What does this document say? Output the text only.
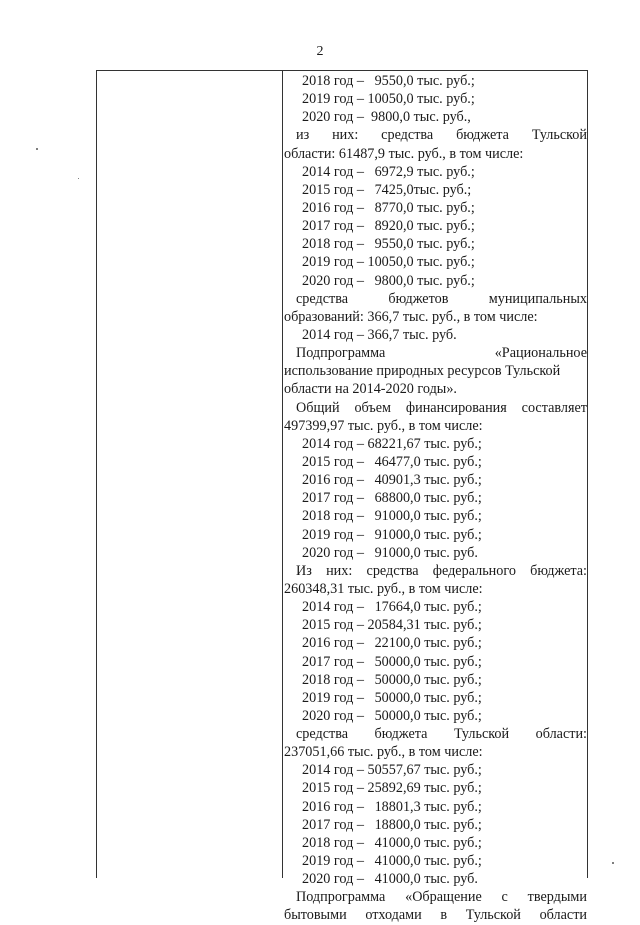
2
2018 год –   9550,0 тыс. руб.;
2019 год – 10050,0 тыс. руб.;
2020 год –  9800,0 тыс. руб.,
из них: средства бюджета Тульской
области: 61487,9 тыс. руб., в том числе:
2014 год –   6972,9 тыс. руб.;
2015 год –   7425,0тыс. руб.;
2016 год –   8770,0 тыс. руб.;
2017 год –   8920,0 тыс. руб.;
2018 год –   9550,0 тыс. руб.;
2019 год – 10050,0 тыс. руб.;
2020 год –   9800,0 тыс. руб.;
средства бюджетов муниципальных
образований: 366,7 тыс. руб., в том числе:
2014 год – 366,7 тыс. руб.
Подпрограмма «Рациональное
использование природных ресурсов Тульской
области на 2014-2020 годы».
Общий объем финансирования составляет
497399,97 тыс. руб., в том числе:
2014 год – 68221,67 тыс. руб.;
2015 год –   46477,0 тыс. руб.;
2016 год –   40901,3 тыс. руб.;
2017 год –   68800,0 тыс. руб.;
2018 год –   91000,0 тыс. руб.;
2019 год –   91000,0 тыс. руб.;
2020 год –   91000,0 тыс. руб.
Из них: средства федерального бюджета:
260348,31 тыс. руб., в том числе:
2014 год –   17664,0 тыс. руб.;
2015 год – 20584,31 тыс. руб.;
2016 год –   22100,0 тыс. руб.;
2017 год –   50000,0 тыс. руб.;
2018 год –   50000,0 тыс. руб.;
2019 год –   50000,0 тыс. руб.;
2020 год –   50000,0 тыс. руб.;
средства бюджета Тульской области:
237051,66 тыс. руб., в том числе:
2014 год – 50557,67 тыс. руб.;
2015 год – 25892,69 тыс. руб.;
2016 год –   18801,3 тыс. руб.;
2017 год –   18800,0 тыс. руб.;
2018 год –   41000,0 тыс. руб.;
2019 год –   41000,0 тыс. руб.;
2020 год –   41000,0 тыс. руб.
Подпрограмма «Обращение с твердыми
бытовыми отходами в Тульской области
